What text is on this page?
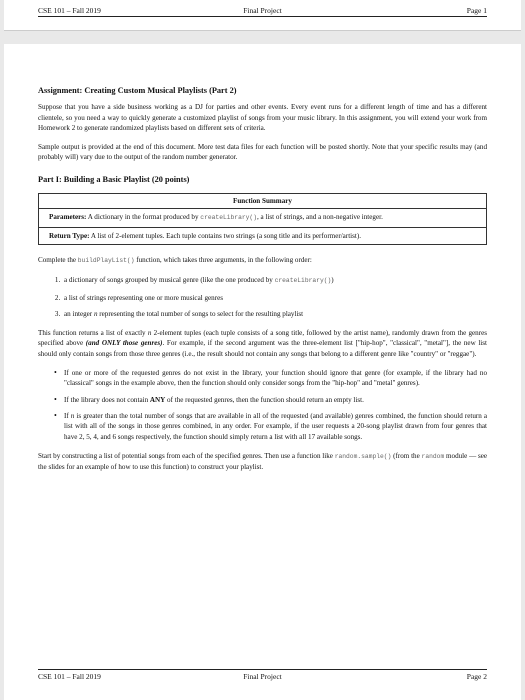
CSE 101 – Fall 2019	Final Project	Page 1
Assignment: Creating Custom Musical Playlists (Part 2)

Suppose that you have a side business working as a DJ for parties and other events. Every event runs for a different length of time and has a different clientele, so you need a way to quickly generate a customized playlist of songs from your music library. In this assignment, you will extend your work from Homework 2 to generate randomized playlists based on different sets of criteria.

Sample output is provided at the end of this document. More test data files for each function will be posted shortly. Note that your specific results may (and probably will) vary due to the output of the random number generator.

Part I: Building a Basic Playlist (20 points)
Function Summary
Parameters: A dictionary in the format produced by createLibrary(), a list of strings, and a non-negative integer.
Return Type: A list of 2-element tuples. Each tuple contains two strings (a song title and its performer/artist).

Complete the buildPlayList() function, which takes three arguments, in the following order:

1. a dictionary of songs grouped by musical genre (like the one produced by createLibrary())
2. a list of strings representing one or more musical genres
3. an integer n representing the total number of songs to select for the resulting playlist

This function returns a list of exactly n 2-element tuples (each tuple consists of a song title, followed by the artist name), randomly drawn from the genres specified above (and ONLY those genres). For example, if the second argument was the three-element list ["hip-hop", "classical", "metal"], the new list should only contain songs from those three genres (i.e., the result should not contain any songs that belong to a different genre like "country" or "reggae").

• If one or more of the requested genres do not exist in the library, your function should ignore that genre (for example, if the library had no "classical" songs in the example above, then the function should only consider songs from the "hip-hop" and "metal" genres).
• If the library does not contain ANY of the requested genres, then the function should return an empty list.
• If n is greater than the total number of songs that are available in all of the requested (and available) genres combined, the function should return a list with all of the songs in those genres combined, in any order. For example, if the user requests a 20-song playlist drawn from four genres that have 2, 5, 4, and 6 songs respectively, the function should simply return a list with all 17 available songs.

Start by constructing a list of potential songs from each of the specified genres. Then use a function like random.sample() (from the random module — see the slides for an example of how to use this function) to construct your playlist.

CSE 101 – Fall 2019	Final Project	Page 2
